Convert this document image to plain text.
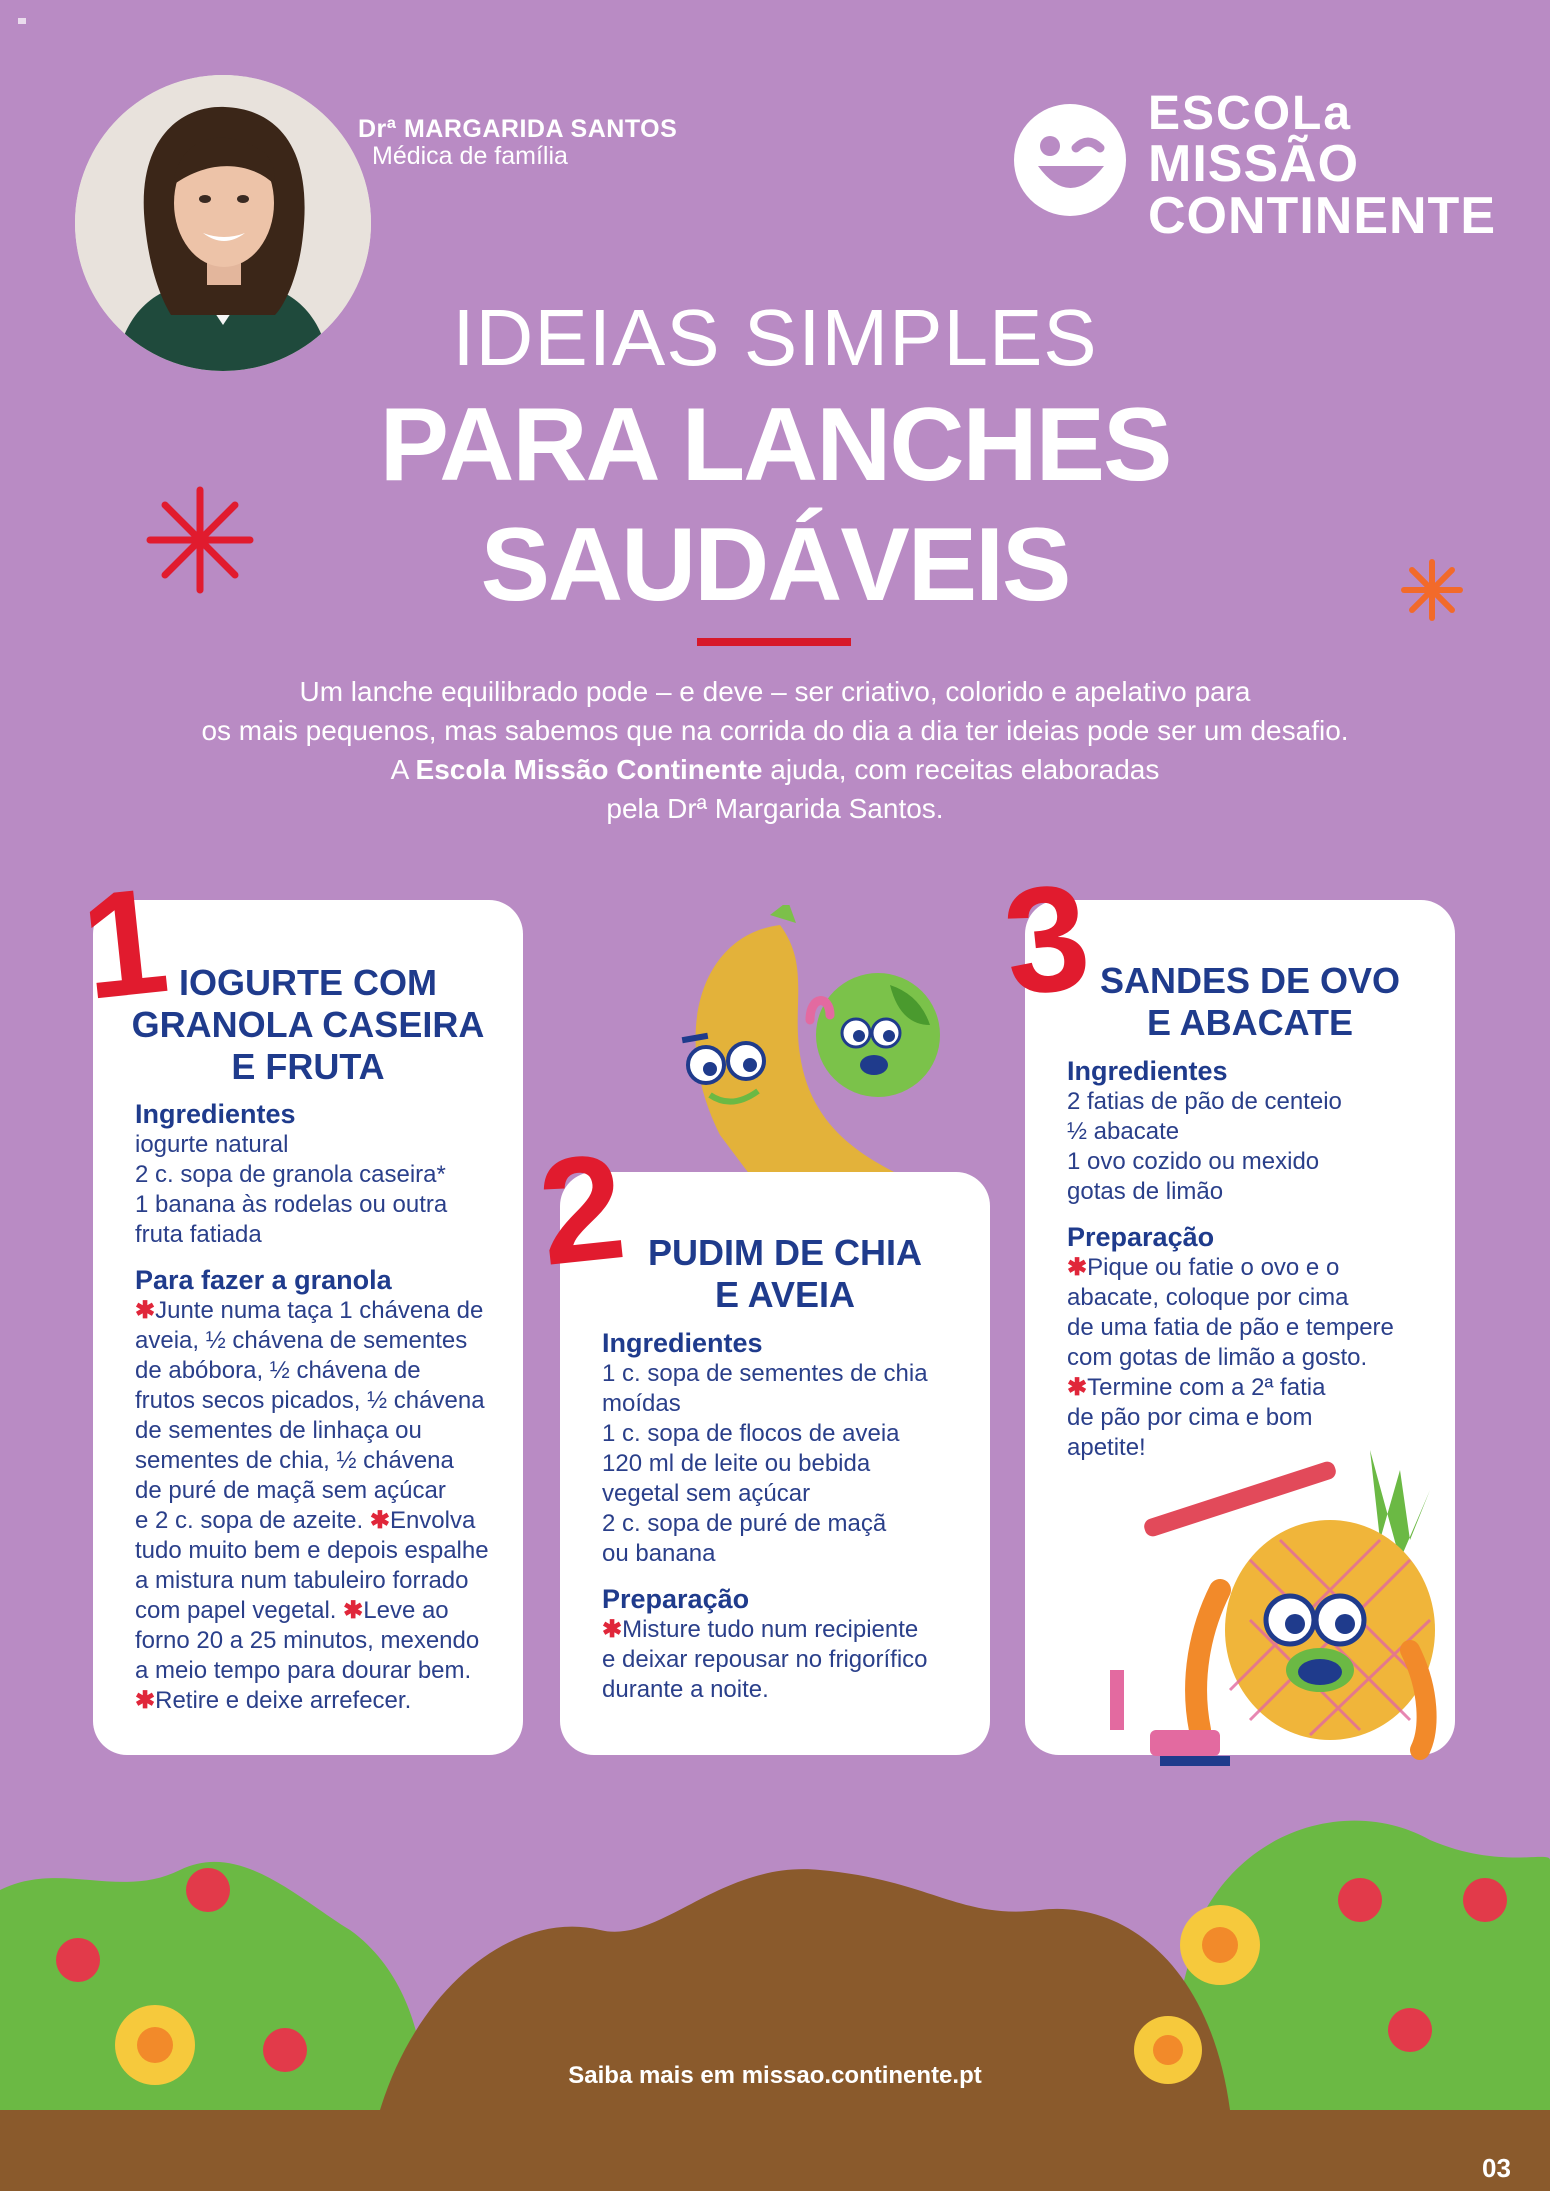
Drª MARGARIDA SANTOS
Médica de família
ESCOLa
MISSÃO
CONTINENTE
IDEIAS SIMPLES
PARA LANCHES
SAUDÁVEIS
Um lanche equilibrado pode – e deve – ser criativo, colorido e apelativo para
os mais pequenos, mas sabemos que na corrida do dia a dia ter ideias pode ser um desafio.
A Escola Missão Continente ajuda, com receitas elaboradas
pela Drª Margarida Santos.
1 IOGURTE COM
GRANOLA CASEIRA
E FRUTA
Ingredientes

iogurte natural

2 c. sopa de granola caseira*

1 banana às rodelas ou outra

fruta fatiada

Para fazer a granola

✱Junte numa taça 1 chávena de

aveia, ½ chávena de sementes

de abóbora, ½ chávena de

frutos secos picados, ½ chávena

de sementes de linhaça ou

sementes de chia, ½ chávena

de puré de maçã sem açúcar

e 2 c. sopa de azeite. ✱Envolva

tudo muito bem e depois espalhe

a mistura num tabuleiro forrado

com papel vegetal. ✱Leve ao

forno 20 a 25 minutos, mexendo

a meio tempo para dourar bem.

✱Retire e deixe arrefecer.

2 PUDIM DE CHIA
E AVEIA
Ingredientes

1 c. sopa de sementes de chia

moídas

1 c. sopa de flocos de aveia

120 ml de leite ou bebida

vegetal sem açúcar

2 c. sopa de puré de maçã

ou banana

Preparação

✱Misture tudo num recipiente

e deixar repousar no frigorífico

durante a noite.

3 SANDES DE OVO
E ABACATE
Ingredientes

2 fatias de pão de centeio

½ abacate

1 ovo cozido ou mexido

gotas de limão

Preparação

✱Pique ou fatie o ovo e o

abacate, coloque por cima

de uma fatia de pão e tempere

com gotas de limão a gosto.

✱Termine com a 2ª fatia

de pão por cima e bom

apetite!

Saiba mais em missao.continente.pt
03
